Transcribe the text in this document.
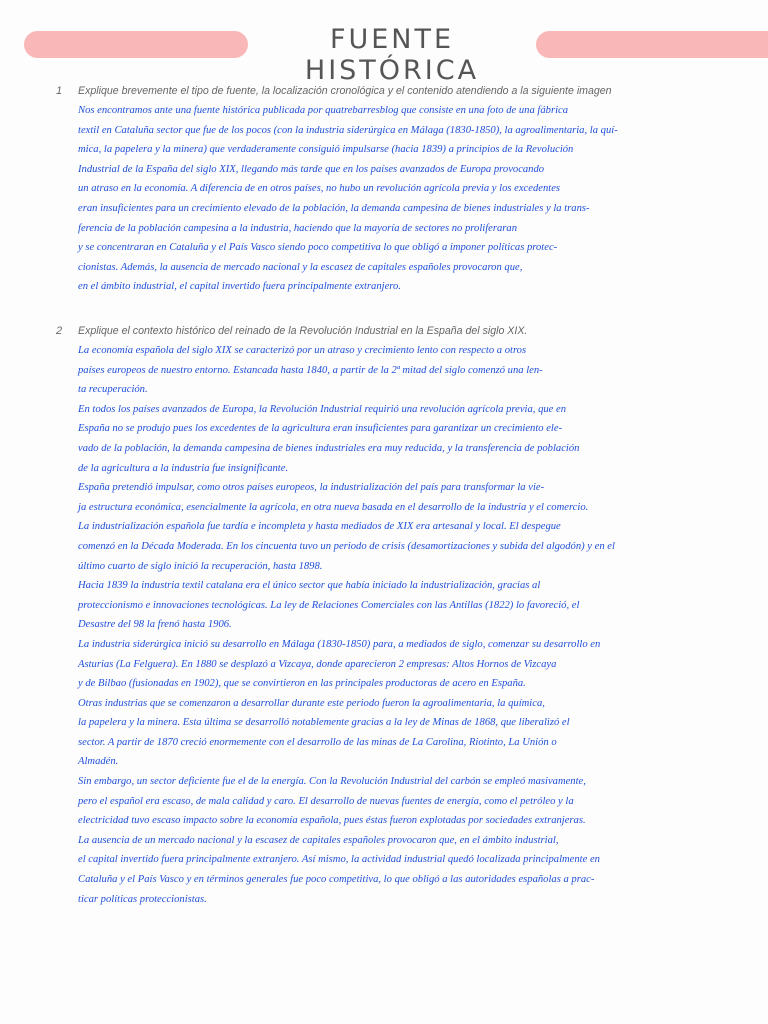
FUENTE HISTÓRICA
1 Explique brevemente el tipo de fuente, la localización cronológica y el contenido atendiendo a la siguiente imagen
Nos encontramos ante una fuente histórica publicada por quatrebarresblog que consiste en una foto de una fábrica
textil en Cataluña sector que fue de los pocos (con la industria siderúrgica en Málaga (1830-1850), la agroalimentaria, la quí-
mica, la papelera y la minera) que verdaderamente consiguió impulsarse (hacia 1839) a principios de la Revolución
Industrial de la España del siglo XIX, llegando más tarde que en los países avanzados de Europa provocando
un atraso en la economía. A diferencia de en otros países, no hubo un revolución agrícola previa y los excedentes
eran insuficientes para un crecimiento elevado de la población, la demanda campesina de bienes industriales y la trans-
ferencia de la población campesina a la industria, haciendo que la mayoría de sectores no proliferaran
y se concentraran en Cataluña y el País Vasco siendo poco competitiva lo que obligó a imponer políticas protec-
cionistas. Además, la ausencia de mercado nacional y la escasez de capitales españoles provocaron que,
en el ámbito industrial, el capital invertido fuera principalmente extranjero.
2 Explique el contexto histórico del reinado de la Revolución Industrial en la España del siglo XIX.
La economía española del siglo XIX se caracterizó por un atraso y crecimiento lento con respecto a otros
países europeos de nuestro entorno. Estancada hasta 1840, a partir de la 2ª mitad del siglo comenzó una len-
ta recuperación.
En todos los países avanzados de Europa, la Revolución Industrial requirió una revolución agrícola previa, que en
España no se produjo pues los excedentes de la agricultura eran insuficientes para garantizar un crecimiento ele-
vado de la población, la demanda campesina de bienes industriales era muy reducida, y la transferencia de población
de la agricultura a la industria fue insignificante.
España pretendió impulsar, como otros países europeos, la industrialización del país para transformar la vie-
ja estructura económica, esencialmente la agrícola, en otra nueva basada en el desarrollo de la industria y el comercio.
La industrialización española fue tardía e incompleta y hasta mediados de XIX era artesanal y local. El despegue
comenzó en la Década Moderada. En los cincuenta tuvo un periodo de crisis (desamortizaciones y subida del algodón) y en el
último cuarto de siglo inició la recuperación, hasta 1898.
Hacia 1839 la industria textil catalana era el único sector que había iniciado la industrialización, gracias al
proteccionismo e innovaciones tecnológicas. La ley de Relaciones Comerciales con las Antillas (1822) lo favoreció, el
Desastre del 98 la frenó hasta 1906.
La industria siderúrgica inició su desarrollo en Málaga (1830-1850) para, a mediados de siglo, comenzar su desarrollo en
Asturias (La Felguera). En 1880 se desplazó a Vizcaya, donde aparecieron 2 empresas: Altos Hornos de Vizcaya
y de Bilbao (fusionadas en 1902), que se convirtieron en las principales productoras de acero en España.
Otras industrias que se comenzaron a desarrollar durante este periodo fueron la agroalimentaria, la química,
la papelera y la minera. Esta última se desarrolló notablemente gracias a la ley de Minas de 1868, que liberalizó el
sector. A partir de 1870 creció enormemente con el desarrollo de las minas de La Carolina, Riotinto, La Unión o
Almadén.
Sin embargo, un sector deficiente fue el de la energía. Con la Revolución Industrial del carbón se empleó masivamente,
pero el español era escaso, de mala calidad y caro. El desarrollo de nuevas fuentes de energía, como el petróleo y la
electricidad tuvo escaso impacto sobre la economía española, pues éstas fueron explotadas por sociedades extranjeras.
La ausencia de un mercado nacional y la escasez de capitales españoles provocaron que, en el ámbito industrial,
el capital invertido fuera principalmente extranjero. Así mismo, la actividad industrial quedó localizada principalmente en
Cataluña y el País Vasco y en términos generales fue poco competitiva, lo que obligó a las autoridades españolas a prac-
ticar políticas proteccionistas.
